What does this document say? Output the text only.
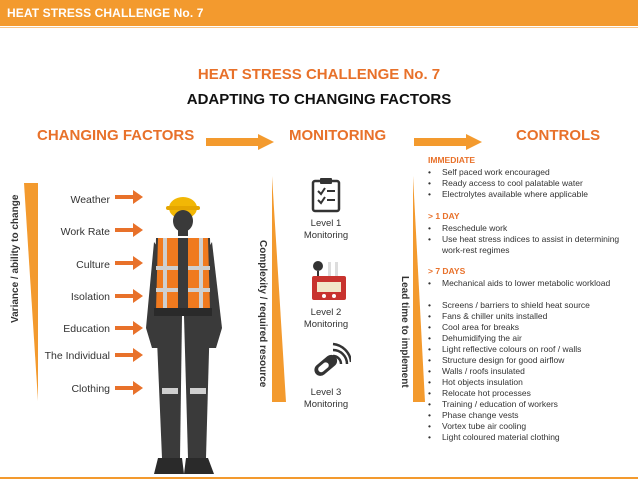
HEAT STRESS CHALLENGE No. 7
HEAT STRESS CHALLENGE No. 7
ADAPTING TO CHANGING FACTORS
CHANGING FACTORS	MONITORING	CONTROLS
Variance / ability to change	Weather
Work Rate
Culture
Isolation
Education
The Individual
Clothing
Complexity / required resource
Level 1
Monitoring
Level 2
Monitoring
Level 3
Monitoring
Lead time to implement
IMMEDIATE
> 1 DAY
> 7 DAYS
• Self paced work encouraged
• Ready access to cool palatable water
• Electrolytes available where applicable
• Reschedule work
• Use heat stress indices to assist in determining work-rest regimes
• Mechanical aids to lower metabolic workload
• Screens / barriers to shield heat source
• Fans & chiller units installed
• Cool area for breaks
• Dehumidifying the air
• Light reflective colours on roof / walls
• Structure design for good airflow
• Walls / roofs insulated
• Hot objects insulation
• Relocate hot processes
• Training / education of workers
• Phase change vests
• Vortex tube air cooling
• Light coloured material clothing
